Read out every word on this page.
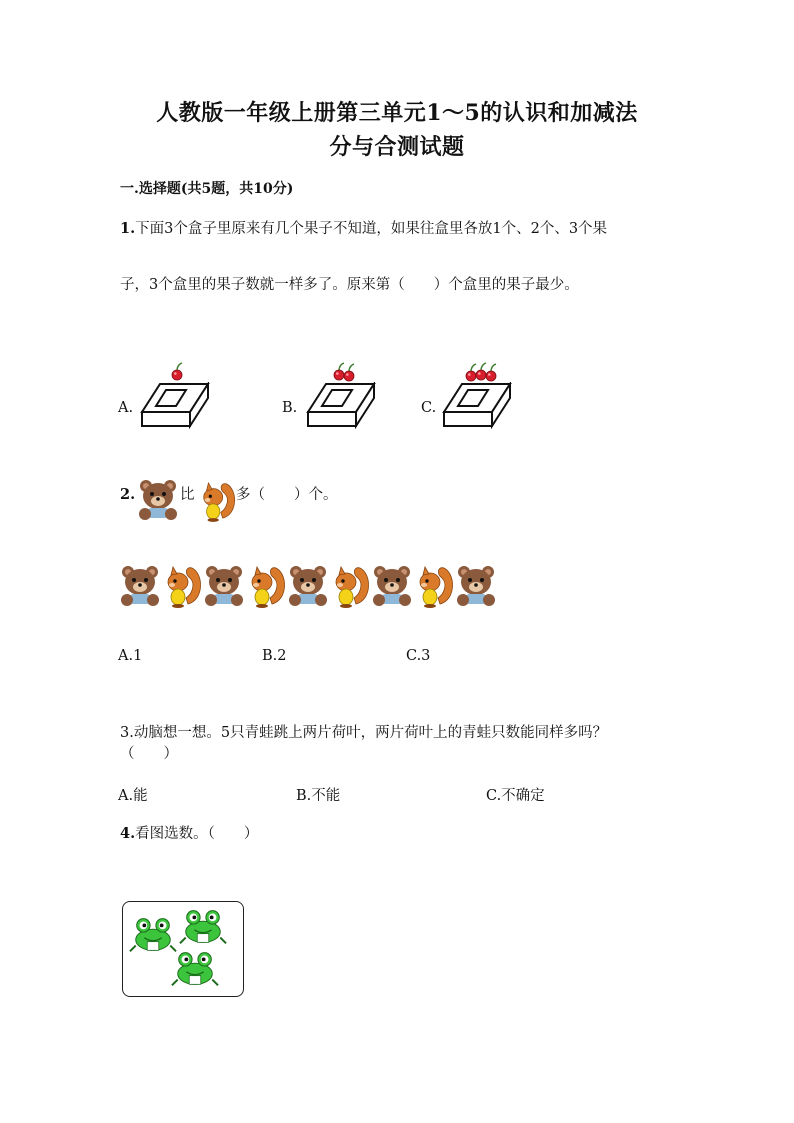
人教版一年级上册第三单元1～5的认识和加减法
分与合测试题
一.选择题(共5题，共10分)
1.下面3个盒子里原来有几个果子不知道，如果往盒里各放1个、2个、3个果
子，3个盒里的果子数就一样多了。原来第（　　）个盒里的果子最少。
A.	B.	C.
2.	比	多（　　）个。
A.1	B.2	C.3
3.动脑想一想。5只青蛙跳上两片荷叶，两片荷叶上的青蛙只数能同样多吗？
（　　）
A.能	B.不能	C.不确定
4.看图选数。（　　）
